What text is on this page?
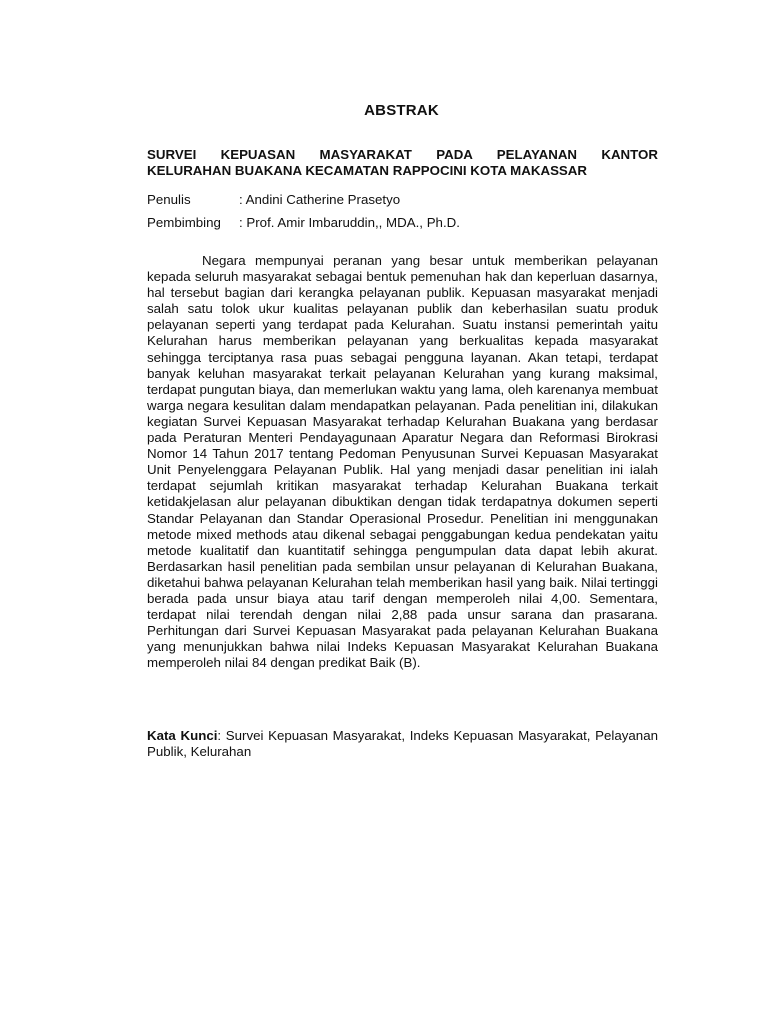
ABSTRAK
SURVEI KEPUASAN MASYARAKAT PADA PELAYANAN KANTOR
KELURAHAN BUAKANA KECAMATAN RAPPOCINI KOTA MAKASSAR
Penulis	: Andini Catherine Prasetyo
Pembimbing : Prof. Amir Imbaruddin,, MDA., Ph.D.

Negara mempunyai peranan yang besar untuk memberikan pelayanan kepada seluruh masyarakat sebagai bentuk pemenuhan hak dan keperluan dasarnya, hal tersebut bagian dari kerangka pelayanan publik. Kepuasan masyarakat menjadi salah satu tolok ukur kualitas pelayanan publik dan keberhasilan suatu produk pelayanan seperti yang terdapat pada Kelurahan. Suatu instansi pemerintah yaitu Kelurahan harus memberikan pelayanan yang berkualitas kepada masyarakat sehingga terciptanya rasa puas sebagai pengguna layanan. Akan tetapi, terdapat banyak keluhan masyarakat terkait pelayanan Kelurahan yang kurang maksimal, terdapat pungutan biaya, dan memerlukan waktu yang lama, oleh karenanya membuat warga negara kesulitan dalam mendapatkan pelayanan. Pada penelitian ini, dilakukan kegiatan Survei Kepuasan Masyarakat terhadap Kelurahan Buakana yang berdasar pada Peraturan Menteri Pendayagunaan Aparatur Negara dan Reformasi Birokrasi Nomor 14 Tahun 2017 tentang Pedoman Penyusunan Survei Kepuasan Masyarakat Unit Penyelenggara Pelayanan Publik. Hal yang menjadi dasar penelitian ini ialah terdapat sejumlah kritikan masyarakat terhadap Kelurahan Buakana terkait ketidakjelasan alur pelayanan dibuktikan dengan tidak terdapatnya dokumen seperti Standar Pelayanan dan Standar Operasional Prosedur. Penelitian ini menggunakan metode mixed methods atau dikenal sebagai penggabungan kedua pendekatan yaitu metode kualitatif dan kuantitatif sehingga pengumpulan data dapat lebih akurat. Berdasarkan hasil penelitian pada sembilan unsur pelayanan di Kelurahan Buakana, diketahui bahwa pelayanan Kelurahan telah memberikan hasil yang baik. Nilai tertinggi berada pada unsur biaya atau tarif dengan memperoleh nilai 4,00. Sementara, terdapat nilai terendah dengan nilai 2,88 pada unsur sarana dan prasarana. Perhitungan dari Survei Kepuasan Masyarakat pada pelayanan Kelurahan Buakana yang menunjukkan bahwa nilai Indeks Kepuasan Masyarakat Kelurahan Buakana memperoleh nilai 84 dengan predikat Baik (B).

Kata Kunci: Survei Kepuasan Masyarakat, Indeks Kepuasan Masyarakat, Pelayanan Publik, Kelurahan
